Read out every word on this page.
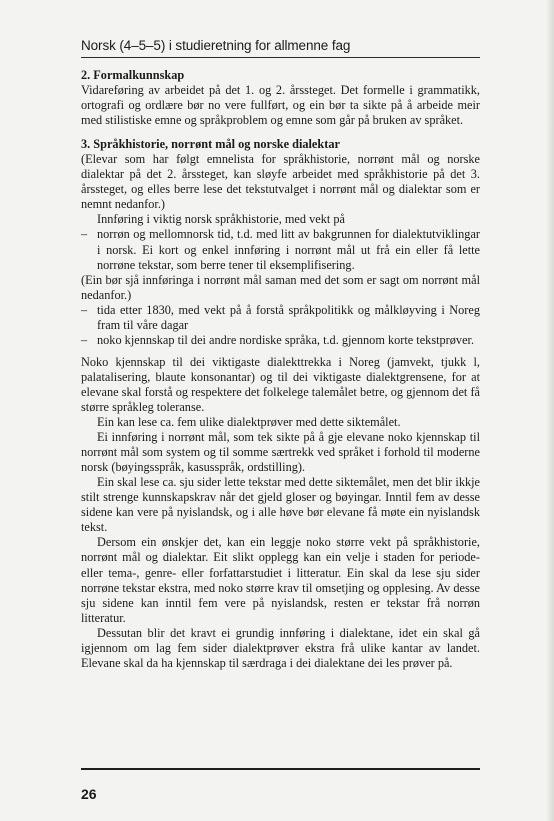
Norsk (4–5–5) i studieretning for allmenne fag

2. Formalkunnskap

Vidareføring av arbeidet på det 1. og 2. årssteget. Det formelle i grammatikk, ortografi og ordlære bør no vere fullført, og ein bør ta sikte på å arbeide meir med stilistiske emne og språkproblem og emne som går på bruken av språket.

3. Språkhistorie, norrønt mål og norske dialektar

(Elevar som har følgt emnelista for språkhistorie, norrønt mål og norske dialektar på det 2. årssteget, kan sløyfe arbeidet med språkhistorie på det 3. årssteget, og elles berre lese det tekstutvalget i norrønt mål og dialektar som er nemnt nedanfor.)

Innføring i viktig norsk språkhistorie, med vekt på

– norrøn og mellomnorsk tid, t.d. med litt av bakgrunnen for dialektutviklingar i norsk. Ei kort og enkel innføring i norrønt mål ut frå ein eller få lette norrøne tekstar, som berre tener til eksemplifisering.

(Ein bør sjå innføringa i norrønt mål saman med det som er sagt om norrønt mål nedanfor.)

– tida etter 1830, med vekt på å forstå språkpolitikk og målkløyving i Noreg fram til våre dagar
– noko kjennskap til dei andre nordiske språka, t.d. gjennom korte tekstprøver.

Noko kjennskap til dei viktigaste dialekttrekka i Noreg (jamvekt, tjukk l, palatalisering, blaute konsonantar) og til dei viktigaste dialektgrensene, for at elevane skal forstå og respektere det folkelege talemålet betre, og gjennom det få større språkleg toleranse.

Ein kan lese ca. fem ulike dialektprøver med dette siktemålet.

Ei innføring i norrønt mål, som tek sikte på å gje elevane noko kjennskap til norrønt mål som system og til somme særtrekk ved språket i forhold til moderne norsk (bøyingsspråk, kasusspråk, ordstilling).

Ein skal lese ca. sju sider lette tekstar med dette siktemålet, men det blir ikkje stilt strenge kunnskapskrav når det gjeld gloser og bøyingar. Inntil fem av desse sidene kan vere på nyislandsk, og i alle høve bør elevane få møte ein nyislandsk tekst.

Dersom ein ønskjer det, kan ein leggje noko større vekt på språkhistorie, norrønt mål og dialektar. Eit slikt opplegg kan ein velje i staden for periode- eller tema-, genre- eller forfattarstudiet i litteratur. Ein skal da lese sju sider norrøne tekstar ekstra, med noko større krav til omsetjing og opplesing. Av desse sju sidene kan inntil fem vere på nyislandsk, resten er tekstar frå norrøn litteratur.

Dessutan blir det kravt ei grundig innføring i dialektane, idet ein skal gå igjennom om lag fem sider dialektprøver ekstra frå ulike kantar av landet. Elevane skal da ha kjennskap til særdraga i dei dialektane dei les prøver på.

26
